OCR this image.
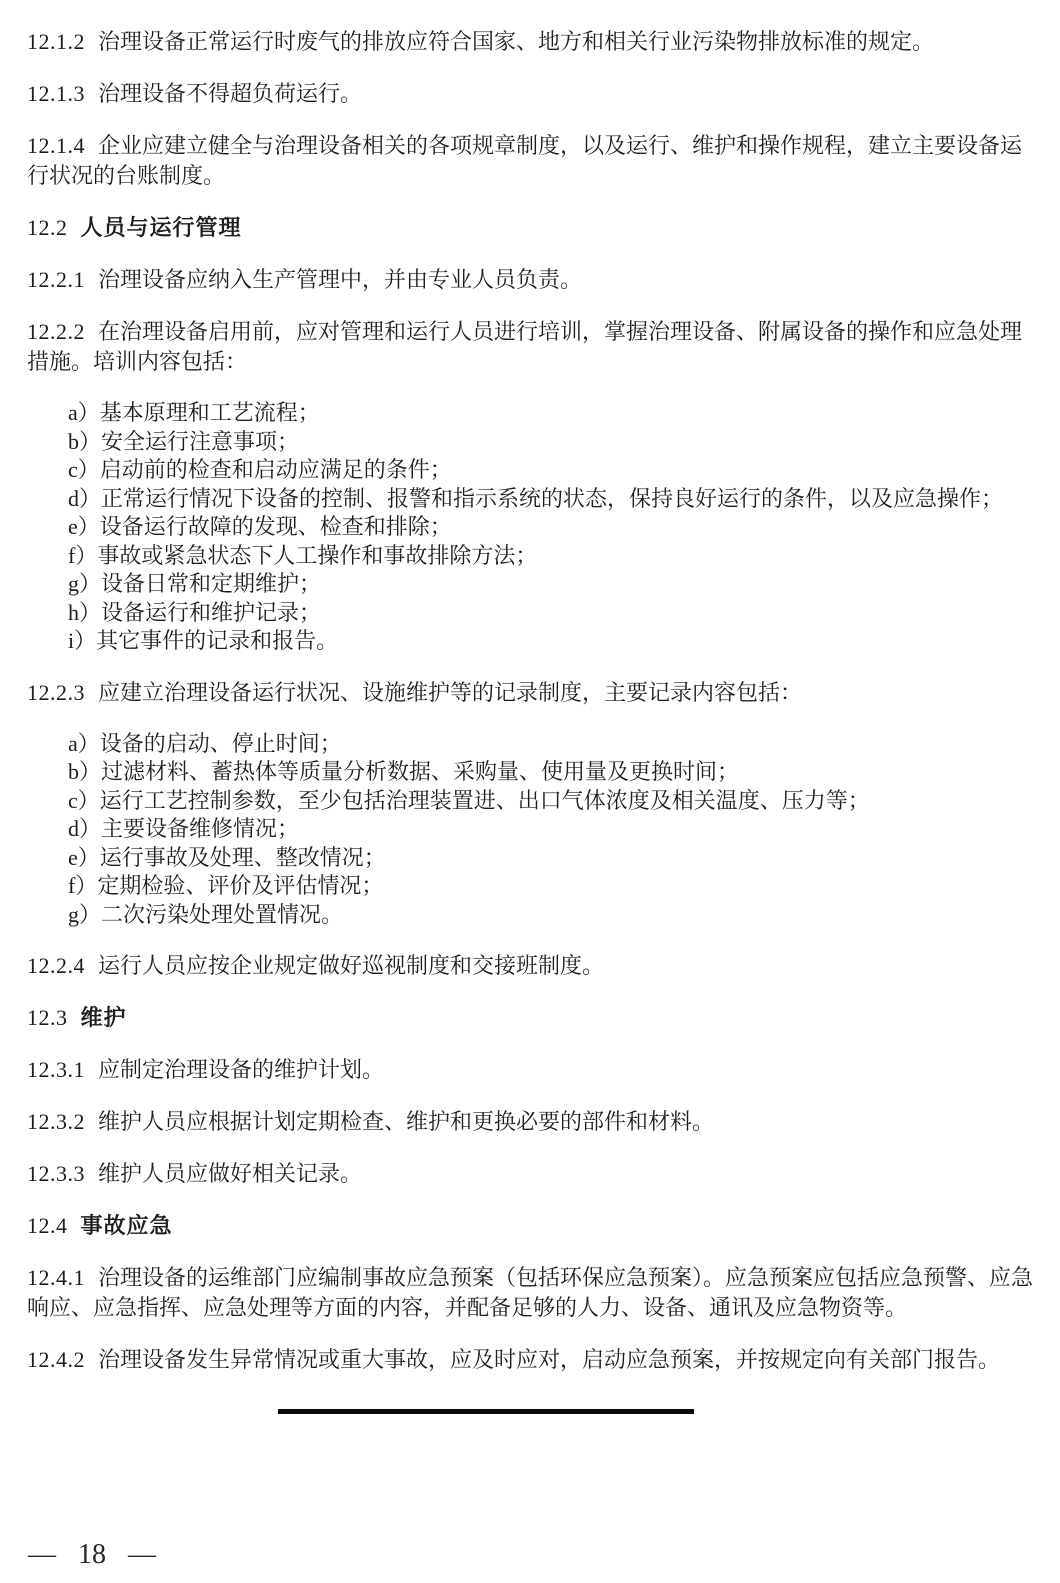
12.1.2 治理设备正常运行时废气的排放应符合国家、地方和相关行业污染物排放标准的规定。

12.1.3 治理设备不得超负荷运行。

12.1.4 企业应建立健全与治理设备相关的各项规章制度，以及运行、维护和操作规程，建立主要设备运行状况的台账制度。

12.2 人员与运行管理

12.2.1 治理设备应纳入生产管理中，并由专业人员负责。

12.2.2 在治理设备启用前，应对管理和运行人员进行培训，掌握治理设备、附属设备的操作和应急处理措施。培训内容包括：

a）基本原理和工艺流程；
b）安全运行注意事项；
c）启动前的检查和启动应满足的条件；
d）正常运行情况下设备的控制、报警和指示系统的状态，保持良好运行的条件，以及应急操作；
e）设备运行故障的发现、检查和排除；
f）事故或紧急状态下人工操作和事故排除方法；
g）设备日常和定期维护；
h）设备运行和维护记录；
i）其它事件的记录和报告。

12.2.3 应建立治理设备运行状况、设施维护等的记录制度，主要记录内容包括：

a）设备的启动、停止时间；
b）过滤材料、蓄热体等质量分析数据、采购量、使用量及更换时间；
c）运行工艺控制参数，至少包括治理装置进、出口气体浓度及相关温度、压力等；
d）主要设备维修情况；
e）运行事故及处理、整改情况；
f）定期检验、评价及评估情况；
g）二次污染处理处置情况。

12.2.4 运行人员应按企业规定做好巡视制度和交接班制度。

12.3 维护

12.3.1 应制定治理设备的维护计划。

12.3.2 维护人员应根据计划定期检查、维护和更换必要的部件和材料。

12.3.3 维护人员应做好相关记录。

12.4 事故应急

12.4.1 治理设备的运维部门应编制事故应急预案（包括环保应急预案）。应急预案应包括应急预警、应急响应、应急指挥、应急处理等方面的内容，并配备足够的人力、设备、通讯及应急物资等。

12.4.2 治理设备发生异常情况或重大事故，应及时应对，启动应急预案，并按规定向有关部门报告。

— 18 —
